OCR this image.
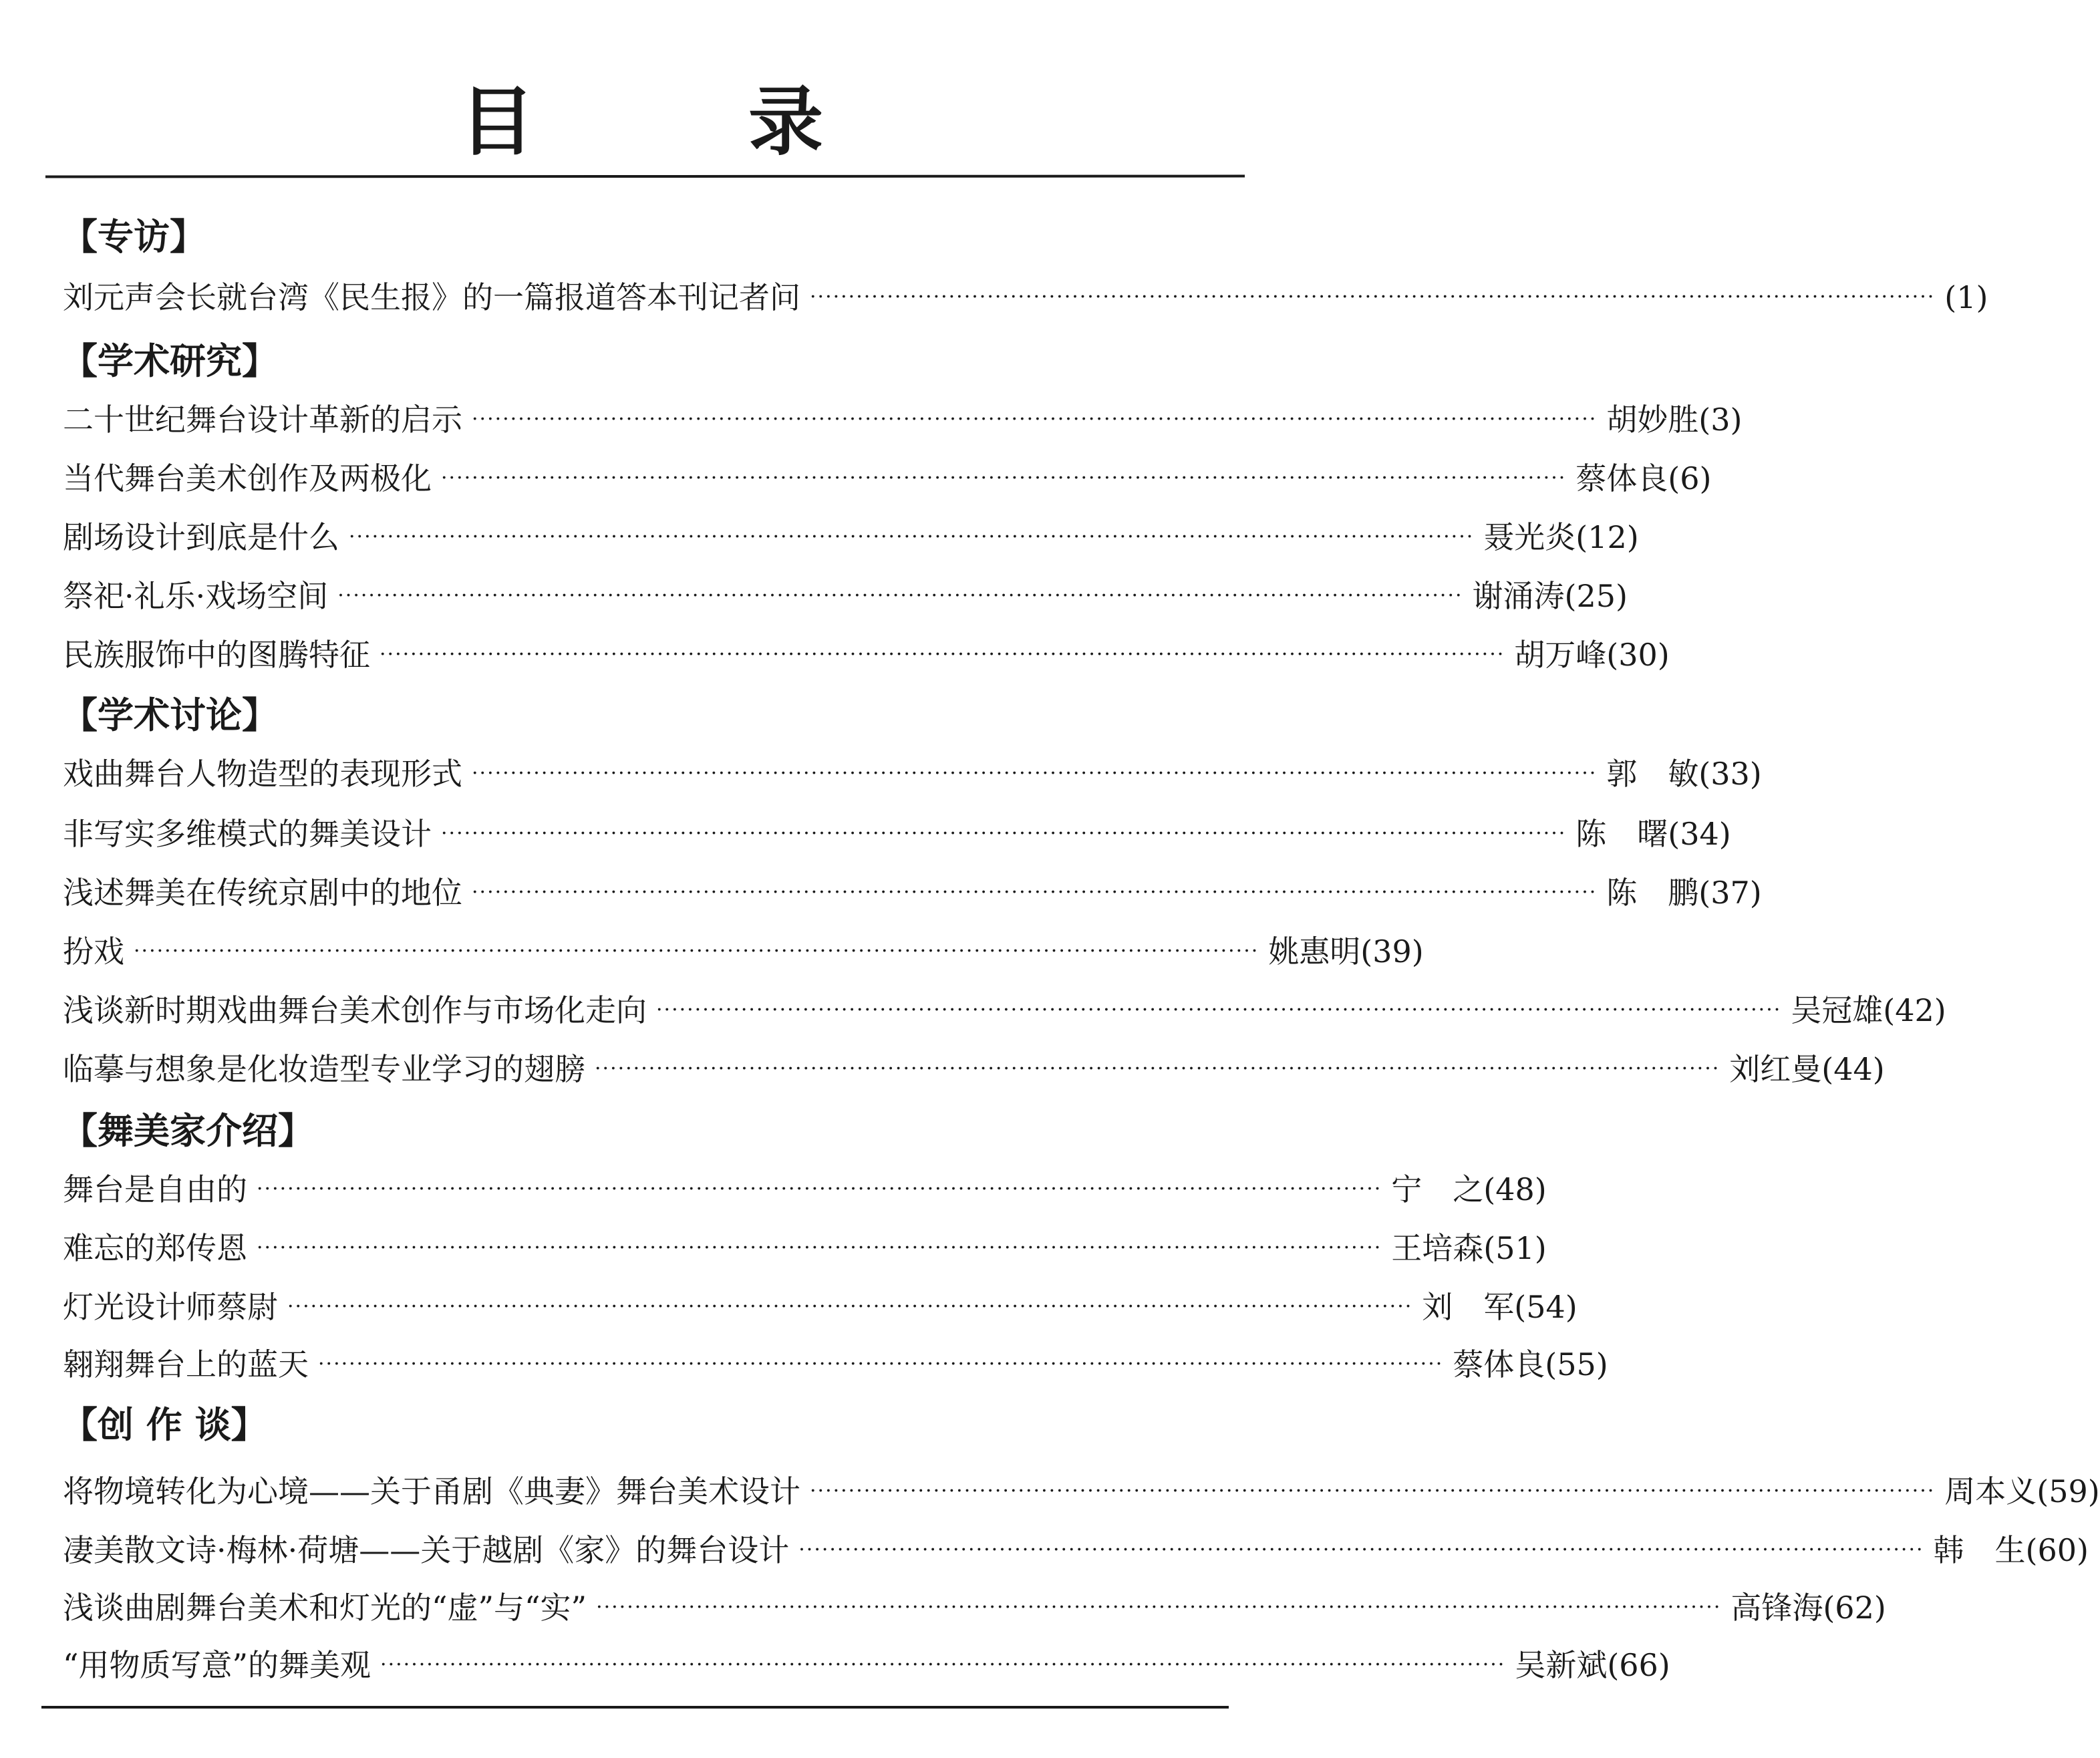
目	录
【专访】
刘元声会长就台湾《民生报》的一篇报道答本刊记者问 ·················································································································································· (1)
【学术研究】
二十世纪舞台设计革新的启示 ·················································································································································· 胡妙胜 (3)
当代舞台美术创作及两极化 ·················································································································································· 蔡体良 (6)
剧场设计到底是什么 ·················································································································································· 聂光炎 (12)
祭祀·礼乐·戏场空间 ·················································································································································· 谢涌涛 (25)
民族服饰中的图腾特征 ·················································································································································· 胡万峰 (30)
【学术讨论】
戏曲舞台人物造型的表现形式 ·················································································································································· 郭　敏 (33)
非写实多维模式的舞美设计 ·················································································································································· 陈　曙 (34)
浅述舞美在传统京剧中的地位 ·················································································································································· 陈　鹏 (37)
扮戏 ·················································································································································· 姚惠明 (39)
浅谈新时期戏曲舞台美术创作与市场化走向 ·················································································································································· 吴冠雄 (42)
临摹与想象是化妆造型专业学习的翅膀 ·················································································································································· 刘红曼 (44)
【舞美家介绍】
舞台是自由的 ·················································································································································· 宁　之 (48)
难忘的郑传恩 ·················································································································································· 王培森 (51)
灯光设计师蔡尉 ·················································································································································· 刘　军 (54)
翱翔舞台上的蓝天 ·················································································································································· 蔡体良 (55)
【创 作 谈】
将物境转化为心境——关于甬剧《典妻》舞台美术设计 ·················································································································································· 周本义 (59)
凄美散文诗·梅林·荷塘——关于越剧《家》的舞台设计 ·················································································································································· 韩　生 (60)
浅谈曲剧舞台美术和灯光的“虚”与“实” ·················································································································································· 高锋海 (62)
“用物质写意”的舞美观 ·················································································································································· 吴新斌 (66)
